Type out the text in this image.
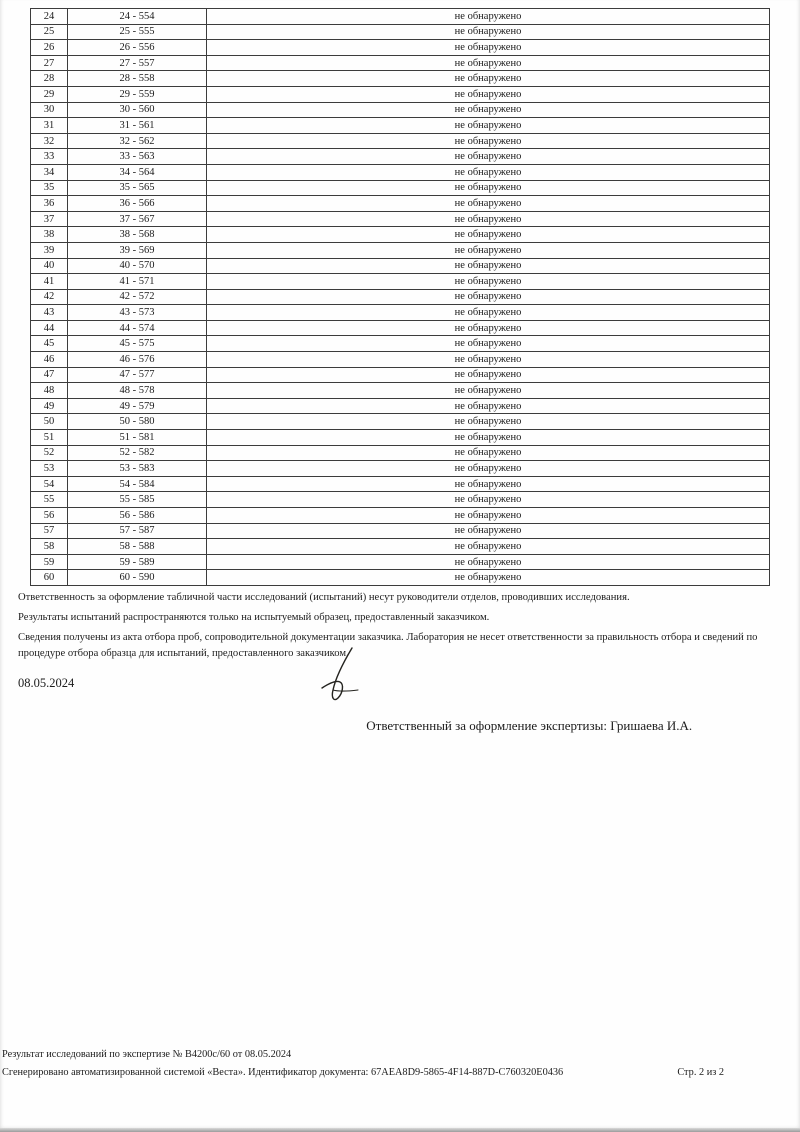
24	24 - 554	не обнаружено
25	25 - 555	не обнаружено
26	26 - 556	не обнаружено
27	27 - 557	не обнаружено
28	28 - 558	не обнаружено
29	29 - 559	не обнаружено
30	30 - 560	не обнаружено
31	31 - 561	не обнаружено
32	32 - 562	не обнаружено
33	33 - 563	не обнаружено
34	34 - 564	не обнаружено
35	35 - 565	не обнаружено
36	36 - 566	не обнаружено
37	37 - 567	не обнаружено
38	38 - 568	не обнаружено
39	39 - 569	не обнаружено
40	40 - 570	не обнаружено
41	41 - 571	не обнаружено
42	42 - 572	не обнаружено
43	43 - 573	не обнаружено
44	44 - 574	не обнаружено
45	45 - 575	не обнаружено
46	46 - 576	не обнаружено
47	47 - 577	не обнаружено
48	48 - 578	не обнаружено
49	49 - 579	не обнаружено
50	50 - 580	не обнаружено
51	51 - 581	не обнаружено
52	52 - 582	не обнаружено
53	53 - 583	не обнаружено
54	54 - 584	не обнаружено
55	55 - 585	не обнаружено
56	56 - 586	не обнаружено
57	57 - 587	не обнаружено
58	58 - 588	не обнаружено
59	59 - 589	не обнаружено
60	60 - 590	не обнаружено

Ответственность за оформление табличной части исследований (испытаний) несут руководители отделов, проводивших исследования.

Результаты испытаний распространяются только на испытуемый образец, предоставленный заказчиком.

Сведения получены из акта отбора проб, сопроводительной документации заказчика. Лаборатория не несет ответственности за правильность отбора и сведений по процедуре отбора образца для испытаний, предоставленного заказчиком.

08.05.2024
Ответственный за оформление экспертизы: Гришаева И.А.
Результат исследований по экспертизе № В4200с/60 от 08.05.2024
Сгенерировано автоматизированной системой «Веста». Идентификатор документа: 67AEA8D9-5865-4F14-887D-C760320E0436	Стр. 2 из 2
